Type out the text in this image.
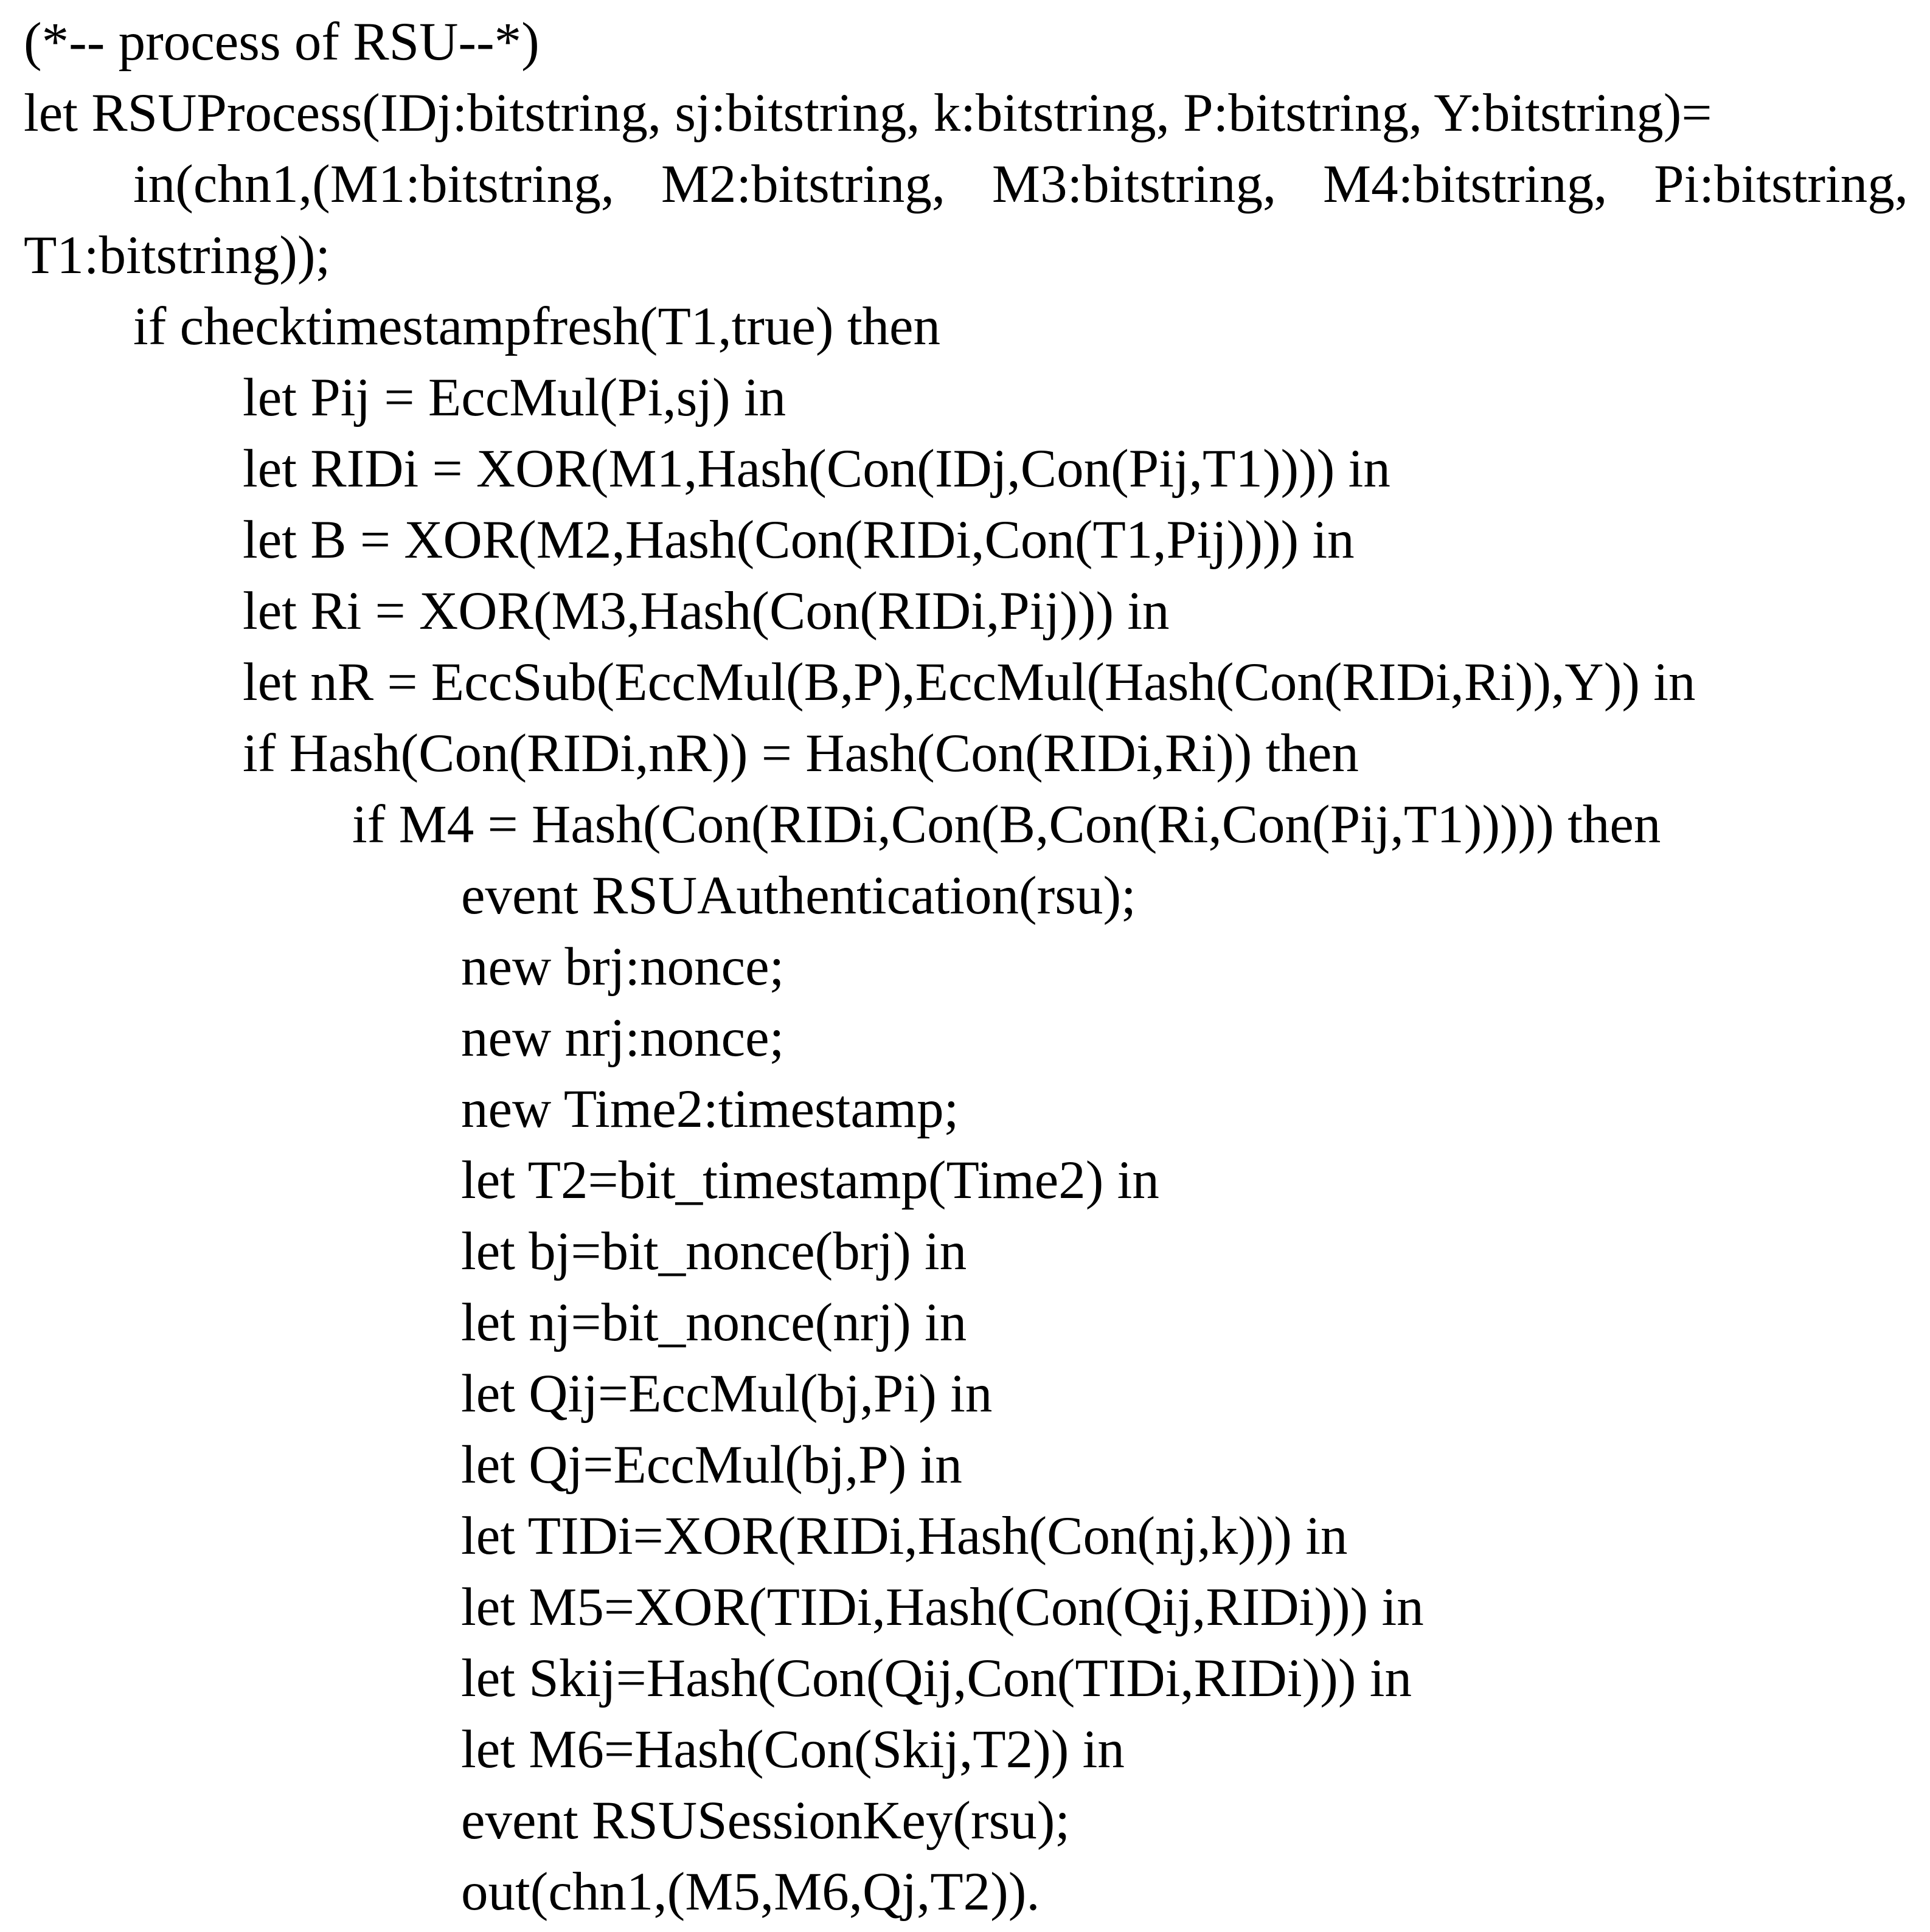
(*-- process of RSU--*)
let RSUProcess(IDj:bitstring, sj:bitstring, k:bitstring, P:bitstring, Y:bitstring)=
in(chn1,(M1:bitstring, M2:bitstring, M3:bitstring, M4:bitstring, Pi:bitstring,
T1:bitstring));
if checktimestampfresh(T1,true) then
let Pij = EccMul(Pi,sj) in
let RIDi = XOR(M1,Hash(Con(IDj,Con(Pij,T1)))) in
let B = XOR(M2,Hash(Con(RIDi,Con(T1,Pij)))) in
let Ri = XOR(M3,Hash(Con(RIDi,Pij))) in
let nR = EccSub(EccMul(B,P),EccMul(Hash(Con(RIDi,Ri)),Y)) in
if Hash(Con(RIDi,nR)) = Hash(Con(RIDi,Ri)) then
if M4 = Hash(Con(RIDi,Con(B,Con(Ri,Con(Pij,T1))))) then
event RSUAuthentication(rsu);
new brj:nonce;
new nrj:nonce;
new Time2:timestamp;
let T2=bit_timestamp(Time2) in
let bj=bit_nonce(brj) in
let nj=bit_nonce(nrj) in
let Qij=EccMul(bj,Pi) in
let Qj=EccMul(bj,P) in
let TIDi=XOR(RIDi,Hash(Con(nj,k))) in
let M5=XOR(TIDi,Hash(Con(Qij,RIDi))) in
let Skij=Hash(Con(Qij,Con(TIDi,RIDi))) in
let M6=Hash(Con(Skij,T2)) in
event RSUSessionKey(rsu);
out(chn1,(M5,M6,Qj,T2)).
